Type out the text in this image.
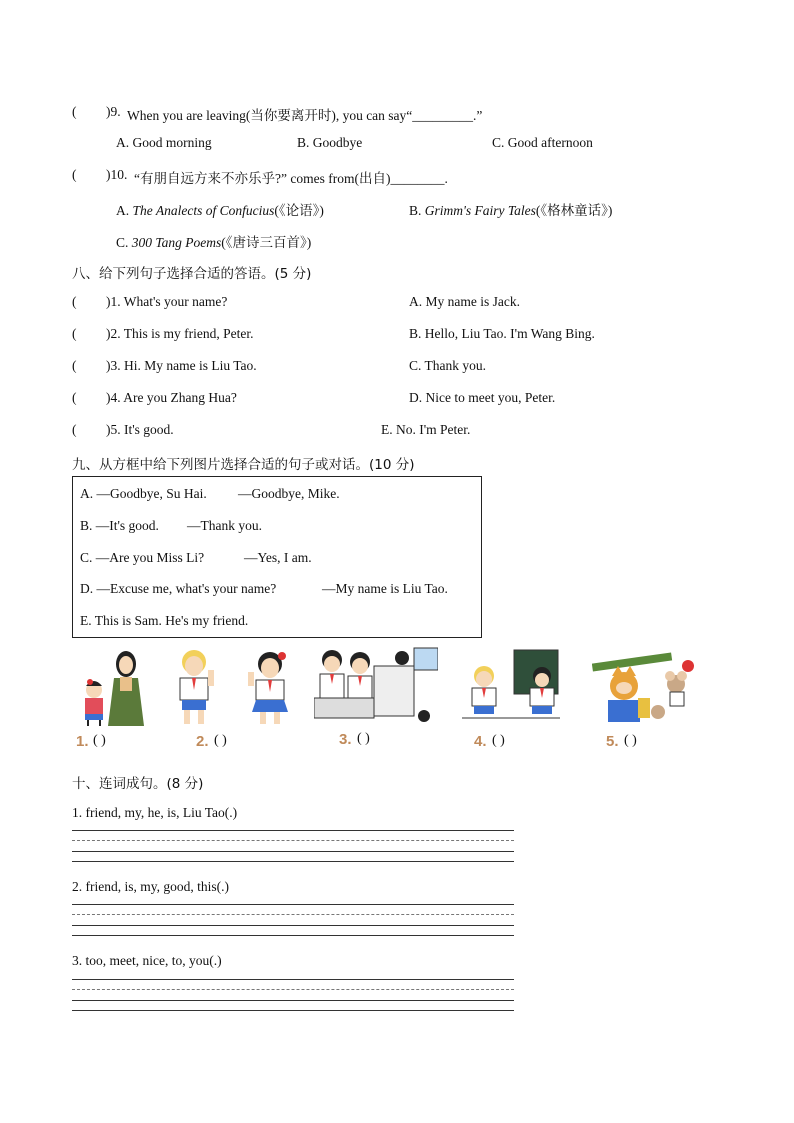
( )9. When you are leaving(当你要离开时), you can say“_________.”
A. Good morning	B. Goodbye	C. Good afternoon
( )10. “有朋自远方来不亦乐乎?” comes from(出自)________.
A. The Analects of Confucius(《论语》)	B. Grimm's Fairy Tales(《格林童话》)
C. 300 Tang Poems(《唐诗三百首》)
八、给下列句子选择合适的答语。(5 分)
( )1. What's your name?	A. My name is Jack.
( )2. This is my friend, Peter.	B. Hello, Liu Tao. I'm Wang Bing.
( )3. Hi. My name is Liu Tao.	C. Thank you.
( )4. Are you Zhang Hua?	D. Nice to meet you, Peter.
( )5. It's good.	E. No. I'm Peter.
九、从方框中给下列图片选择合适的句子或对话。(10 分)
A. —Goodbye, Su Hai. —Goodbye, Mike.
B. —It's good. —Thank you.
C. —Are you Miss Li?	—Yes, I am.
D. —Excuse me, what's your name?	—My name is Liu Tao.
E. This is Sam. He's my friend.
1. ( )	2. ( )	3. ( )	4. ( )	5. ( )
十、连词成句。(8 分)
1. friend, my, he, is, Liu Tao(.)
2. friend, is, my, good, this(.)
3. too, meet, nice, to, you(.)
